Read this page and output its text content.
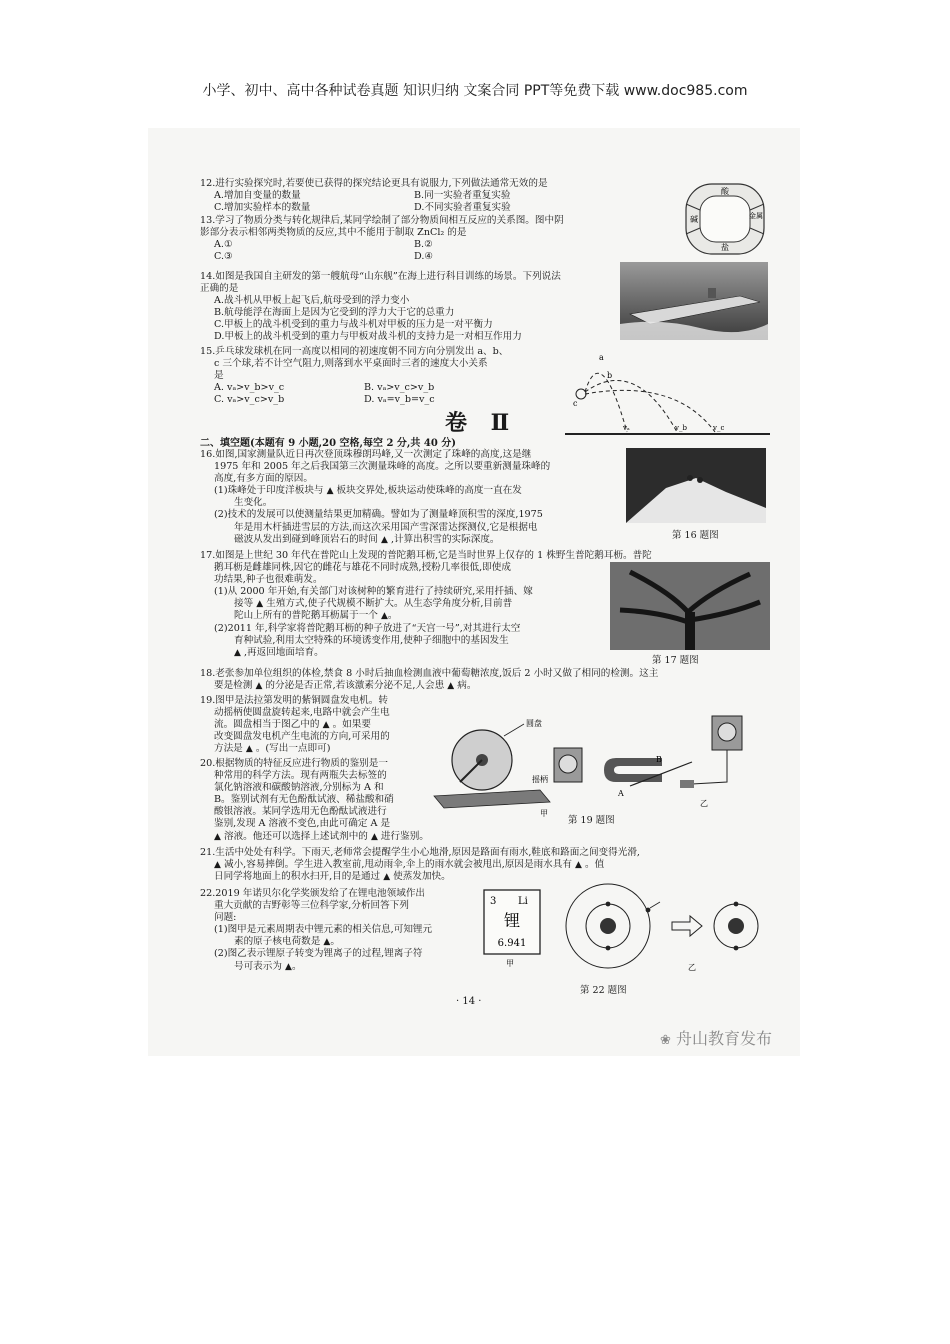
小学、初中、高中各种试卷真题 知识归纳 文案合同 PPT等免费下载 www.doc985.com
12.进行实验探究时,若要使已获得的探究结论更具有说服力,下列做法通常无效的是
A.增加自变量的数量	B.同一实验者重复实验
C.增加实验样本的数量	D.不同实验者重复实验
13.学习了物质分类与转化规律后,某同学绘制了部分物质间相互反应的关系图。图中阴
影部分表示相邻两类物质的反应,其中不能用于制取 ZnCl₂ 的是
A.①	B.②
C.③	D.④
酸
碱	金属
盐
14.如图是我国自主研发的第一艘航母“山东舰”在海上进行科目训练的场景。下列说法
正确的是
A.战斗机从甲板上起飞后,航母受到的浮力变小
B.航母能浮在海面上是因为它受到的浮力大于它的总重力
C.甲板上的战斗机受到的重力与战斗机对甲板的压力是一对平衡力
D.甲板上的战斗机受到的重力与甲板对战斗机的支持力是一对相互作用力
15.乒乓球发球机在同一高度以相同的初速度朝不同方向分别发出 a、b、
c 三个球,若不计空气阻力,则落到水平桌面时三者的速度大小关系
是
A. vₐ>v_b>v_c	B. vₐ>v_c>v_b
C. vₐ>v_c>v_b	D. vₐ=v_b=v_c
a
b
c
vₐ	v_b	v_c
卷 Ⅱ
二、填空题(本题有 9 小题,20 空格,每空 2 分,共 40 分)
16.如图,国家测量队近日再次登顶珠穆朗玛峰,又一次测定了珠峰的高度,这是继
1975 年和 2005 年之后我国第三次测量珠峰的高度。之所以要重新测量珠峰的
高度,有多方面的原因。
(1)珠峰处于印度洋板块与 ▲ 板块交界处,板块运动使珠峰的高度一直在发
生变化。
(2)技术的发展可以使测量结果更加精确。譬如为了测量峰顶积雪的深度,1975
年是用木杆插进雪层的方法,而这次采用国产雪深雷达探测仪,它是根据电
磁波从发出到碰到峰顶岩石的时间 ▲ ,计算出积雪的实际深度。	第 16 题图
17.如图是上世纪 30 年代在普陀山上发现的普陀鹅耳枥,它是当时世界上仅存的 1 株野生普陀鹅耳枥。普陀
鹅耳枥是雌雄同株,因它的雌花与雄花不同时成熟,授粉几率很低,即使成
功结果,种子也很难萌发。
(1)从 2000 年开始,有关部门对该树种的繁育进行了持续研究,采用扦插、嫁
接等 ▲ 生殖方式,使子代规模不断扩大。从生态学角度分析,目前普
陀山上所有的普陀鹅耳枥属于一个 ▲。
(2)2011 年,科学家将普陀鹅耳枥的种子放进了“天宫一号”,对其进行太空
育种试验,利用太空特殊的环境诱变作用,使种子细胞中的基因发生
▲ ,再返回地面培育。
第 17 题图
18.老张参加单位组织的体检,禁食 8 小时后抽血检测血液中葡萄糖浓度,饭后 2 小时又做了相同的检测。这主
要是检测 ▲ 的分泌是否正常,若该激素分泌不足,人会患 ▲ 病。
19.图甲是法拉第发明的紫铜圆盘发电机。转
动摇柄使圆盘旋转起来,电路中就会产生电
流。圆盘相当于图乙中的 ▲ 。如果要
改变圆盘发电机产生电流的方向,可采用的
方法是 ▲ 。(写出一点即可)
圆盘
摇柄
甲
B
A
乙
第 19 题图
20.根据物质的特征反应进行物质的鉴别是一
种常用的科学方法。现有两瓶失去标签的
氯化钠溶液和碳酸钠溶液,分别标为 A 和
B。鉴别试剂有无色酚酞试液、稀盐酸和硝
酸银溶液。某同学选用无色酚酞试液进行
鉴别,发现 A 溶液不变色,由此可确定 A 是
▲ 溶液。他还可以选择上述试剂中的 ▲ 进行鉴别。
21.生活中处处有科学。下雨天,老师常会提醒学生小心地滑,原因是路面有雨水,鞋底和路面之间变得光滑,
▲ 减小,容易摔倒。学生进入教室前,甩动雨伞,伞上的雨水就会被甩出,原因是雨水具有 ▲ 。值
日同学将地面上的积水扫开,目的是通过 ▲ 使蒸发加快。
22.2019 年诺贝尔化学奖颁发给了在锂电池领域作出
重大贡献的吉野彰等三位科学家,分析回答下列
问题:
(1)图甲是元素周期表中锂元素的相关信息,可知锂元
素的原子核电荷数是 ▲。
(2)图乙表示锂原子转变为锂离子的过程,锂离子符
号可表示为 ▲。
3 Li
锂
6.941
甲	乙
第 22 题图
· 14 ·
❀ 舟山教育发布
